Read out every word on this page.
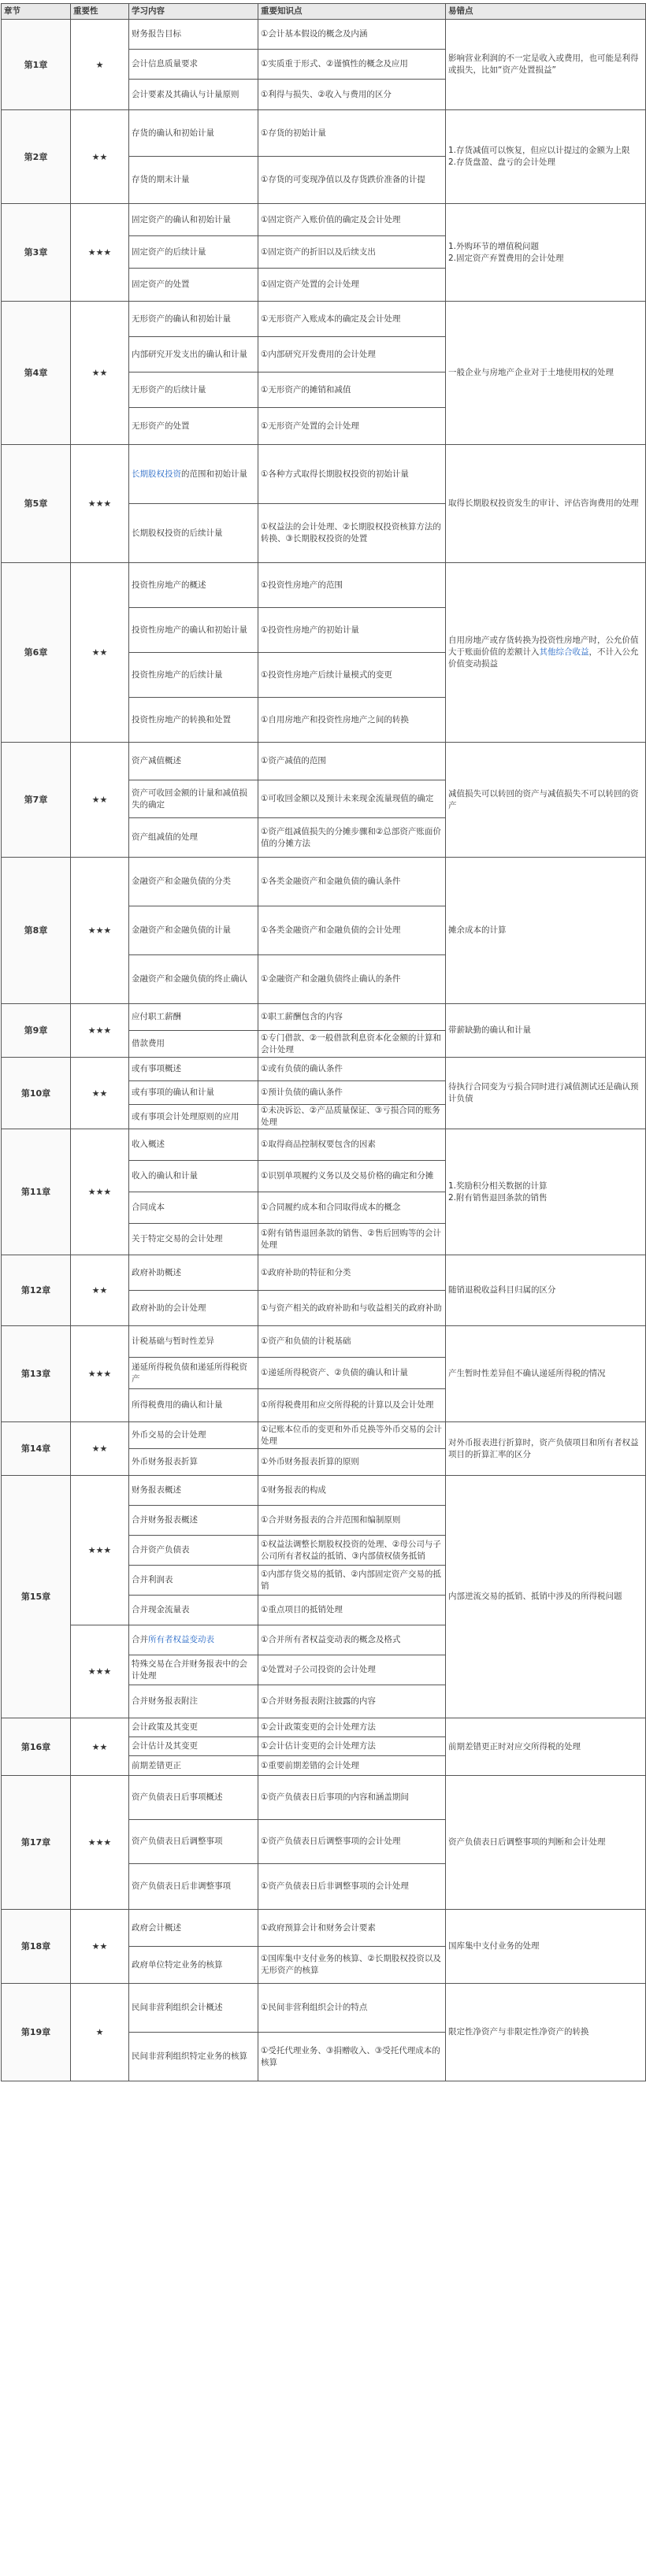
章节	重要性	学习内容	重要知识点	易错点
第1章	★	财务报告目标	①会计基本假设的概念及内涵	影响营业利润的不一定是收入或费用，也可能是利得或损失，比如“资产处置损益”
		会计信息质量要求	①实质重于形式、②谨慎性的概念及应用	
		会计要素及其确认与计量原则	①利得与损失、②收入与费用的区分	
第2章	★★	存货的确认和初始计量	①存货的初始计量	1.存货减值可以恢复，但应以计提过的金额为上限
2.存货盘盈、盘亏的会计处理
		存货的期末计量	①存货的可变现净值以及存货跌价准备的计提	
第3章	★★★	固定资产的确认和初始计量	①固定资产入账价值的确定及会计处理	1.外购环节的增值税问题
2.固定资产弃置费用的会计处理
		固定资产的后续计量	①固定资产的折旧以及后续支出	
		固定资产的处置	①固定资产处置的会计处理	
第4章	★★	无形资产的确认和初始计量	①无形资产入账成本的确定及会计处理	一般企业与房地产企业对于土地使用权的处理
		内部研究开发支出的确认和计量	①内部研究开发费用的会计处理	
		无形资产的后续计量	①无形资产的摊销和减值	
		无形资产的处置	①无形资产处置的会计处理	
第5章	★★★	长期股权投资的范围和初始计量	①各种方式取得长期股权投资的初始计量	取得长期股权投资发生的审计、评估咨询费用的处理
		长期股权投资的后续计量	①权益法的会计处理、②长期股权投资核算方法的转换、③长期股权投资的处置	
第6章	★★	投资性房地产的概述	①投资性房地产的范围	自用房地产或存货转换为投资性房地产时，公允价值大于账面价值的差额计入其他综合收益，不计入公允价值变动损益
		投资性房地产的确认和初始计量	①投资性房地产的初始计量	
		投资性房地产的后续计量	①投资性房地产后续计量模式的变更	
		投资性房地产的转换和处置	①自用房地产和投资性房地产之间的转换	
第7章	★★	资产减值概述	①资产减值的范围	减值损失可以转回的资产与减值损失不可以转回的资产
		资产可收回金额的计量和减值损失的确定	①可收回金额以及预计未来现金流量现值的确定	
		资产组减值的处理	①资产组减值损失的分摊步骤和②总部资产账面价值的分摊方法	
第8章	★★★	金融资产和金融负债的分类	①各类金融资产和金融负债的确认条件	摊余成本的计算
		金融资产和金融负债的计量	①各类金融资产和金融负债的会计处理	
		金融资产和金融负债的终止确认	①金融资产和金融负债终止确认的条件	
第9章	★★★	应付职工薪酬	①职工薪酬包含的内容	带薪缺勤的确认和计量
		借款费用	①专门借款、②一般借款利息资本化金额的计算和会计处理	
第10章	★★	或有事项概述	①或有负债的确认条件	待执行合同变为亏损合同时进行减值测试还是确认预计负债
		或有事项的确认和计量	①预计负债的确认条件	
		或有事项会计处理原则的应用	①未决诉讼、②产品质量保证、③亏损合同的账务处理	
第11章	★★★	收入概述	①取得商品控制权要包含的因素	1.奖励积分相关数据的计算
2.附有销售退回条款的销售
		收入的确认和计量	①识别单项履约义务以及交易价格的确定和分摊	
		合同成本	①合同履约成本和合同取得成本的概念	
		关于特定交易的会计处理	①附有销售退回条款的销售、②售后回购等的会计处理	
第12章	★★	政府补助概述	①政府补助的特征和分类	随销退税收益科目归属的区分
		政府补助的会计处理	①与资产相关的政府补助和与收益相关的政府补助	
第13章	★★★	计税基础与暂时性差异	①资产和负债的计税基础	产生暂时性差异但不确认递延所得税的情况
		递延所得税负债和递延所得税资产	①递延所得税资产、②负债的确认和计量	
		所得税费用的确认和计量	①所得税费用和应交所得税的计算以及会计处理	
第14章	★★	外币交易的会计处理	①记账本位币的变更和外币兑换等外币交易的会计处理	对外币报表进行折算时，资产负债项目和所有者权益项目的折算汇率的区分
		外币财务报表折算	①外币财务报表折算的原则	
第15章	★★★	财务报表概述	①财务报表的构成	内部逆流交易的抵销、抵销中涉及的所得税问题
		合并财务报表概述	①合并财务报表的合并范围和编制原则	
		合并资产负债表	①权益法调整长期股权投资的处理、②母公司与子公司所有者权益的抵销、③内部债权债务抵销	
		合并利润表	①内部存货交易的抵销、②内部固定资产交易的抵销	
		合并现金流量表	①重点项目的抵销处理	
	★★★	合并所有者权益变动表	①合并所有者权益变动表的概念及格式	
		特殊交易在合并财务报表中的会计处理	①处置对子公司投资的会计处理	
		合并财务报表附注	①合并财务报表附注披露的内容	
第16章	★★	会计政策及其变更	①会计政策变更的会计处理方法	前期差错更正时对应交所得税的处理
		会计估计及其变更	①会计估计变更的会计处理方法	
		前期差错更正	①重要前期差错的会计处理	
第17章	★★★	资产负债表日后事项概述	①资产负债表日后事项的内容和涵盖期间	资产负债表日后调整事项的判断和会计处理
		资产负债表日后调整事项	①资产负债表日后调整事项的会计处理	
		资产负债表日后非调整事项	①资产负债表日后非调整事项的会计处理	
第18章	★★	政府会计概述	①政府预算会计和财务会计要素	国库集中支付业务的处理
		政府单位特定业务的核算	①国库集中支付业务的核算、②长期股权投资以及无形资产的核算	
第19章	★	民间非营利组织会计概述	①民间非营利组织会计的特点	限定性净资产与非限定性净资产的转换
		民间非营利组织特定业务的核算	①受托代理业务、③捐赠收入、③受托代理成本的核算	
